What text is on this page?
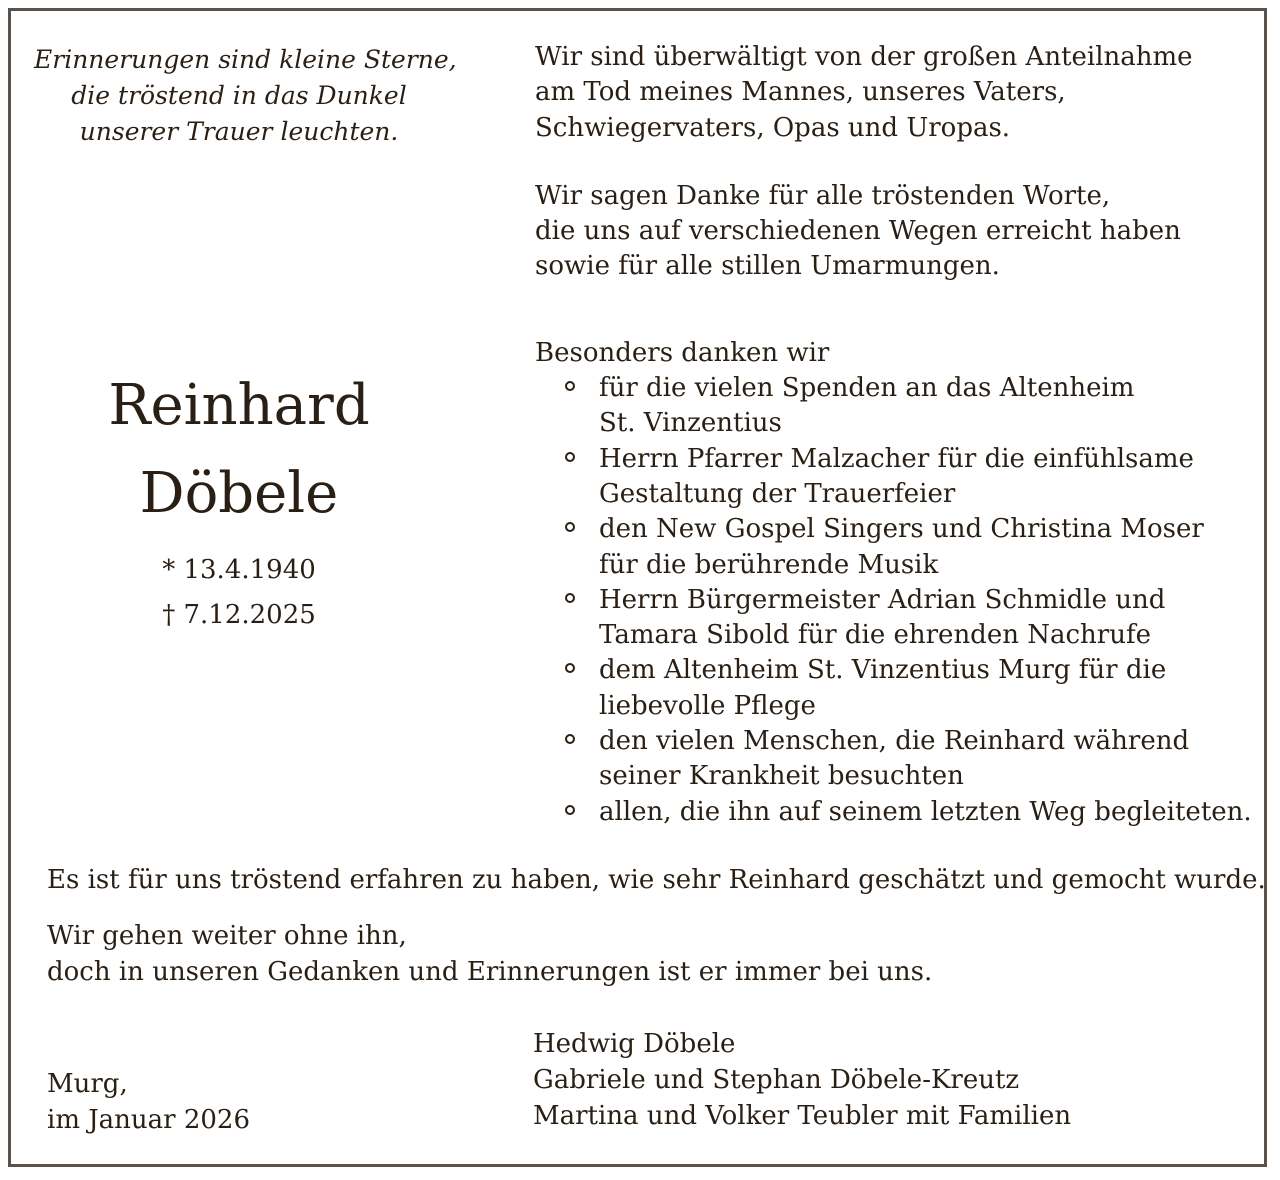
Erinnerungen sind kleine Sterne,
die tröstend in das Dunkel
unserer Trauer leuchten.
Reinhard
Döbele
* 13.4.1940
† 7.12.2025

Wir sind überwältigt von der großen Anteilnahme

am Tod meines Mannes, unseres Vaters,

Schwiegervaters, Opas und Uropas.

Wir sagen Danke für alle tröstenden Worte,

die uns auf verschiedenen Wegen erreicht haben

sowie für alle stillen Umarmungen.

Besonders danken wir

für die vielen Spenden an das Altenheim
St. Vinzentius
Herrn Pfarrer Malzacher für die einfühlsame
Gestaltung der Trauerfeier
den New Gospel Singers und Christina Moser
für die berührende Musik
Herrn Bürgermeister Adrian Schmidle und
Tamara Sibold für die ehrenden Nachrufe
dem Altenheim St. Vinzentius Murg für die
liebevolle Pflege
den vielen Menschen, die Reinhard während
seiner Krankheit besuchten
allen, die ihn auf seinem letzten Weg begleiteten.
Es ist für uns tröstend erfahren zu haben, wie sehr Reinhard geschätzt und gemocht wurde.
Wir gehen weiter ohne ihn,
doch in unseren Gedanken und Erinnerungen ist er immer bei uns.
Murg,
im Januar 2026
Hedwig Döbele
Gabriele und Stephan Döbele-Kreutz
Martina und Volker Teubler mit Familien
